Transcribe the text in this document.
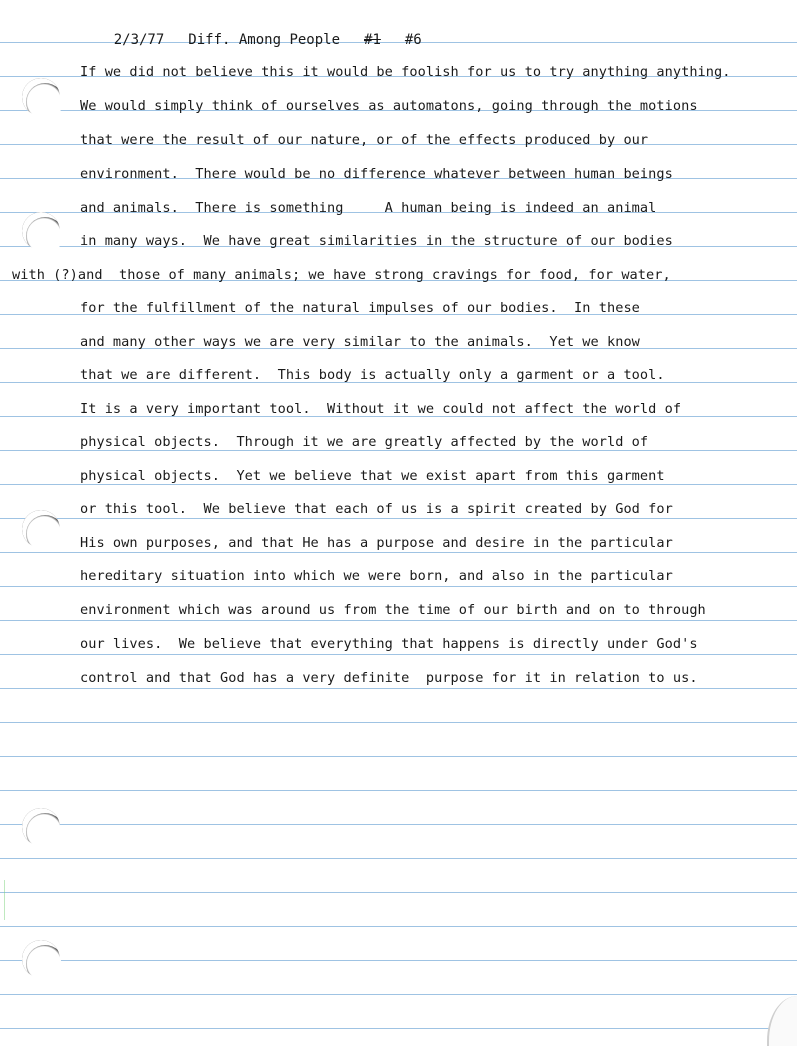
2/3/77 Diff. Among People #1 #6

If we did not believe this it would be foolish for us to try anything anything.
We would simply think of ourselves as automatons, going through the motions
that were the result of our nature, or of the effects produced by our
environment.  There would be no difference whatever between human beings
and animals.  There is something     A human being is indeed an animal
in many ways.  We have great similarities in the structure of our bodies
with (?)and  those of many animals; we have strong cravings for food, for water,
for the fulfillment of the natural impulses of our bodies.  In these
and many other ways we are very similar to the animals.  Yet we know
that we are different.  This body is actually only a garment or a tool.
It is a very important tool.  Without it we could not affect the world of
physical objects.  Through it we are greatly affected by the world of
physical objects.  Yet we believe that we exist apart from this garment
or this tool.  We believe that each of us is a spirit created by God for
His own purposes, and that He has a purpose and desire in the particular
hereditary situation into which we were born, and also in the particular
environment which was around us from the time of our birth and on to through
our lives.  We believe that everything that happens is directly under God's
control and that God has a very definite  purpose for it in relation to us.
